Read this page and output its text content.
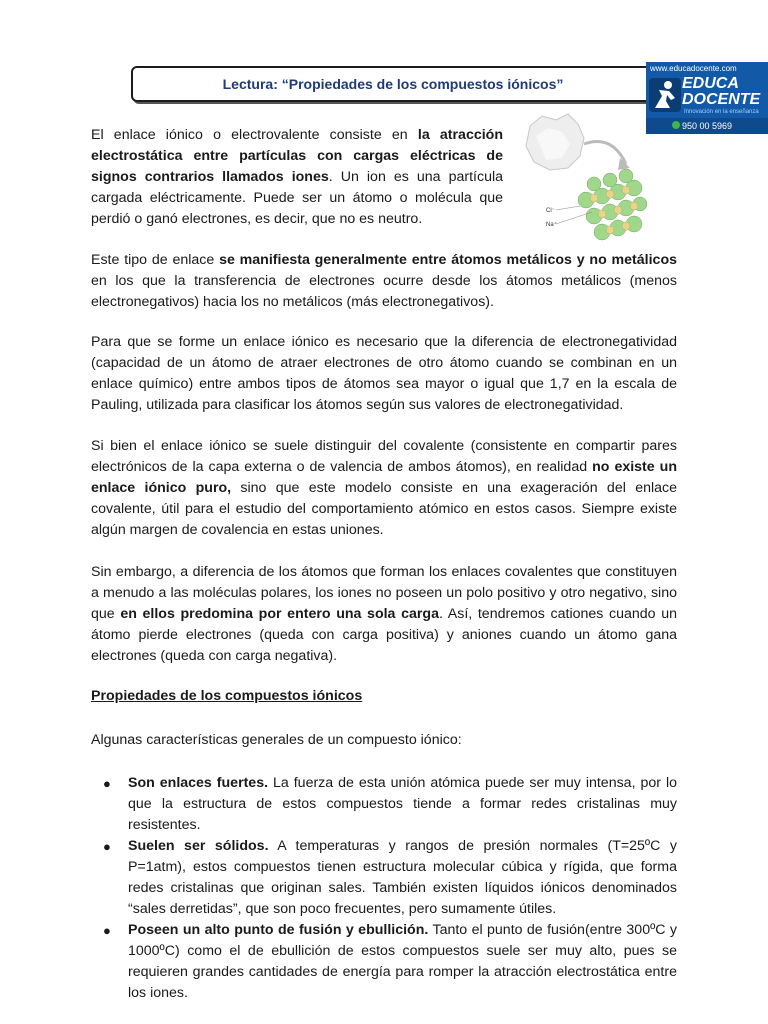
Lectura: “Propiedades de los compuestos iónicos”
www.educadocente.com
EDUCA
DOCENTE
Innovación en la enseñanza
950 00 5969
Cl⁻
Na⁺

El enlace iónico o electrovalente consiste en la atracción electrostática entre partículas con cargas eléctricas de signos contrarios llamados iones. Un ion es una partícula cargada eléctricamente. Puede ser un átomo o molécula que perdió o ganó electrones, es decir, que no es neutro.

Este tipo de enlace se manifiesta generalmente entre átomos metálicos y no metálicos en los que la transferencia de electrones ocurre desde los átomos metálicos (menos electronegativos) hacia los no metálicos (más electronegativos).

Para que se forme un enlace iónico es necesario que la diferencia de electronegatividad (capacidad de un átomo de atraer electrones de otro átomo cuando se combinan en un enlace químico) entre ambos tipos de átomos sea mayor o igual que 1,7 en la escala de Pauling, utilizada para clasificar los átomos según sus valores de electronegatividad.

Si bien el enlace iónico se suele distinguir del covalente (consistente en compartir pares electrónicos de la capa externa o de valencia de ambos átomos), en realidad no existe un enlace iónico puro, sino que este modelo consiste en una exageración del enlace covalente, útil para el estudio del comportamiento atómico en estos casos. Siempre existe algún margen de covalencia en estas uniones.

Sin embargo, a diferencia de los átomos que forman los enlaces covalentes que constituyen a menudo a las moléculas polares, los iones no poseen un polo positivo y otro negativo, sino que en ellos predomina por entero una sola carga. Así, tendremos cationes cuando un átomo pierde electrones (queda con carga positiva) y aniones cuando un átomo gana electrones (queda con carga negativa).

Propiedades de los compuestos iónicos

Algunas características generales de un compuesto iónico:

● Son enlaces fuertes. La fuerza de esta unión atómica puede ser muy intensa, por lo que la estructura de estos compuestos tiende a formar redes cristalinas muy resistentes.
● Suelen ser sólidos. A temperaturas y rangos de presión normales (T=25ºC y P=1atm), estos compuestos tienen estructura molecular cúbica y rígida, que forma redes cristalinas que originan sales. También existen líquidos iónicos denominados “sales derretidas”, que son poco frecuentes, pero sumamente útiles.
● Poseen un alto punto de fusión y ebullición. Tanto el punto de fusión(entre 300ºC y 1000ºC) como el de ebullición de estos compuestos suele ser muy alto, pues se requieren grandes cantidades de energía para romper la atracción electrostática entre los iones.
